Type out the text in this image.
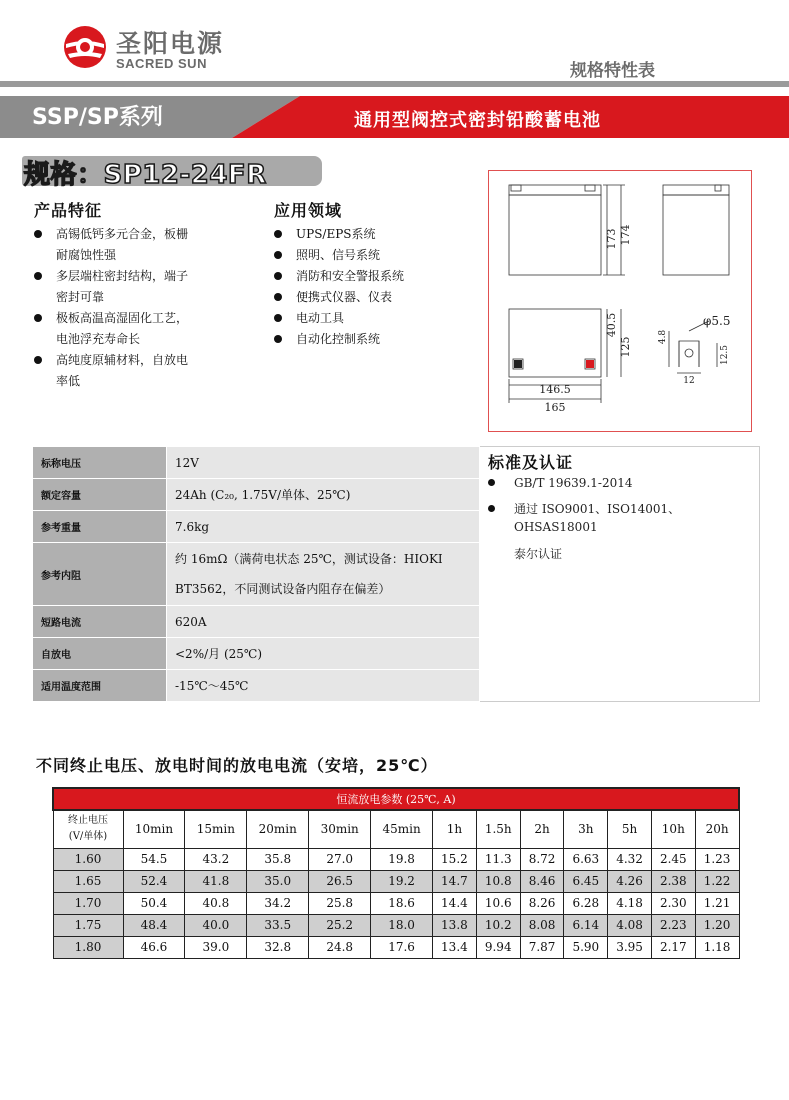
圣阳电源
SACRED SUN	规格特性表
SSP/SP系列	通用型阀控式密封铅酸蓄电池
规格：SP12-24FR
产品特征
高锡低钙多元合金，板栅
耐腐蚀性强
多层端柱密封结构，端子
密封可靠
极板高温高湿固化工艺，
电池浮充寿命长
高纯度原辅材料，自放电
率低
应用领域
UPS/EPS系统
照明、信号系统
消防和安全警报系统
便携式仪器、仪表
电动工具
自动化控制系统
173 174
40.5
125
146.5
165
φ5.5
4.8
12.5
12
标称电压	12V
额定容量	24Ah (C₂₀, 1.75V/单体、25℃)
参考重量	7.6kg
参考内阻	约 16mΩ（满荷电状态 25℃，测试设备：HIOKI
BT3562，不同测试设备内阻存在偏差）

短路电流	620A
自放电	<2%/月 (25℃)
适用温度范围	-15℃～45℃
标准及认证
GB/T 19639.1-2014
通过 ISO9001、ISO14001、OHSAS18001
泰尔认证
不同终止电压、放电时间的放电电流（安培，25℃）
恒流放电参数 (25℃, A)												
终止电压
(V/单体)	10min	15min	20min	30min	45min	1h	1.5h	2h	3h	5h	10h	20h
1.60	54.5	43.2	35.8	27.0	19.8	15.2	11.3	8.72	6.63	4.32	2.45	1.23
1.65	52.4	41.8	35.0	26.5	19.2	14.7	10.8	8.46	6.45	4.26	2.38	1.22
1.70	50.4	40.8	34.2	25.8	18.6	14.4	10.6	8.26	6.28	4.18	2.30	1.21
1.75	48.4	40.0	33.5	25.2	18.0	13.8	10.2	8.08	6.14	4.08	2.23	1.20
1.80	46.6	39.0	32.8	24.8	17.6	13.4	9.94	7.87	5.90	3.95	2.17	1.18
